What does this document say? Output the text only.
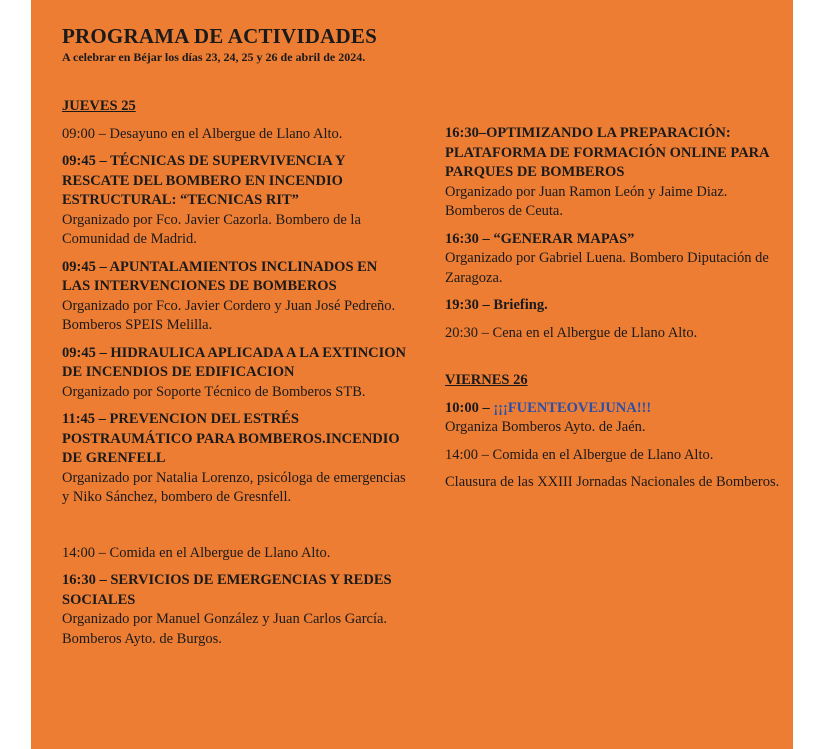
PROGRAMA DE ACTIVIDADES
A celebrar en Béjar los días 23, 24, 25 y 26 de abril de 2024.

JUEVES 25

09:00 – Desayuno en el Albergue de Llano Alto.
09:45 – TÉCNICAS DE SUPERVIVENCIA Y RESCATE DEL BOMBERO EN INCENDIO ESTRUCTURAL: “TECNICAS RIT”
Organizado por Fco. Javier Cazorla. Bombero de la Comunidad de Madrid.
09:45 – APUNTALAMIENTOS INCLINADOS EN LAS INTERVENCIONES DE BOMBEROS
Organizado por Fco. Javier Cordero y Juan José Pedreño. Bomberos SPEIS Melilla.
09:45 – HIDRAULICA APLICADA A LA EXTINCION DE INCENDIOS DE EDIFICACION
Organizado por Soporte Técnico de Bomberos STB.
11:45 – PREVENCION DEL ESTRÉS POSTRAUMÁTICO PARA BOMBEROS.INCENDIO DE GRENFELL
Organizado por Natalia Lorenzo, psicóloga de emergencias y Niko Sánchez, bombero de Gresnfell.
14:00 – Comida en el Albergue de Llano Alto.
16:30 – SERVICIOS DE EMERGENCIAS Y REDES SOCIALES
Organizado por Manuel González y Juan Carlos García. Bomberos Ayto. de Burgos.
16:30–OPTIMIZANDO LA PREPARACIÓN: PLATAFORMA DE FORMACIÓN ONLINE PARA PARQUES DE BOMBEROS
Organizado por Juan Ramon León y Jaime Diaz. Bomberos de Ceuta.
16:30 – “GENERAR MAPAS”
Organizado por Gabriel Luena. Bombero Diputación de Zaragoza.
19:30 – Briefing.
20:30 – Cena en el Albergue de Llano Alto.

VIERNES 26

10:00 – ¡¡¡FUENTEOVEJUNA!!!
Organiza Bomberos Ayto. de Jaén.
14:00 – Comida en el Albergue de Llano Alto.
Clausura de las XXIII Jornadas Nacionales de Bomberos.
